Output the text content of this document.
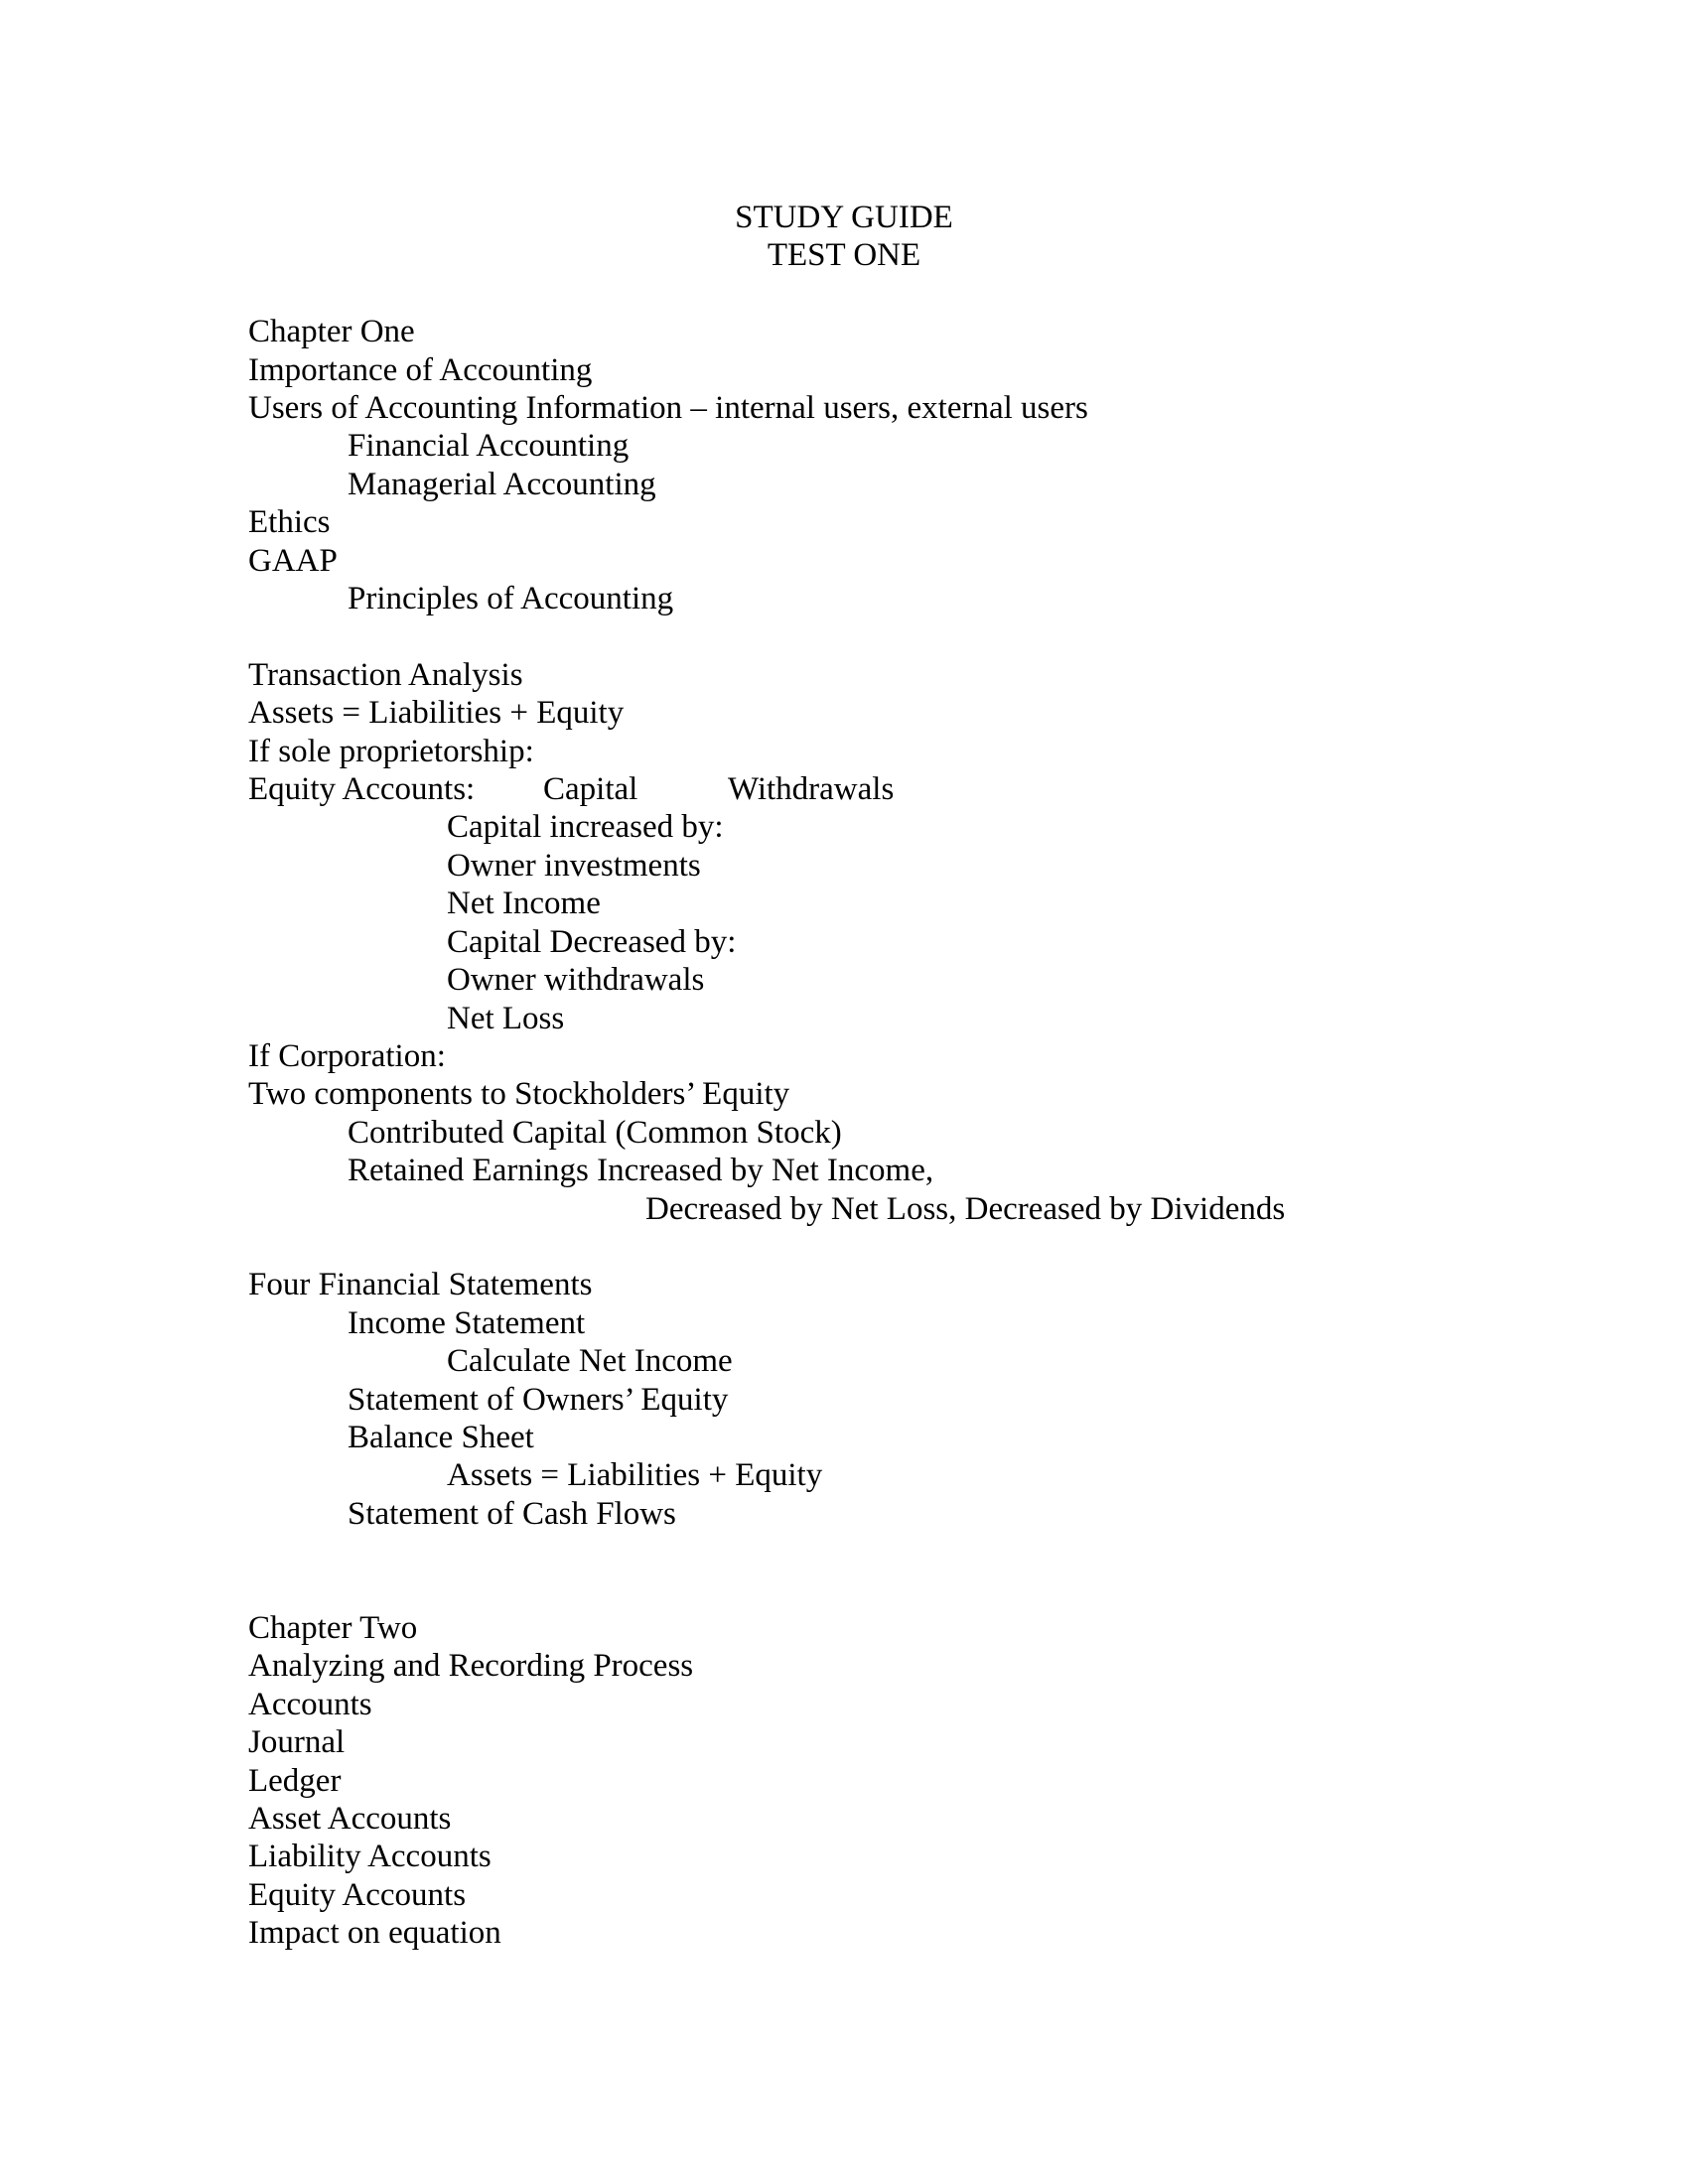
STUDY GUIDE
TEST ONE
Chapter One
Importance of Accounting
Users of Accounting Information – internal users, external users
Financial Accounting
Managerial Accounting
Ethics
GAAP
Principles of Accounting
Transaction Analysis
Assets = Liabilities + Equity
If sole proprietorship:
Equity Accounts: Capital	Withdrawals
Capital increased by:
Owner investments
Net Income
Capital Decreased by:
Owner withdrawals
Net Loss
If Corporation:
Two components to Stockholders’ Equity
Contributed Capital (Common Stock)
Retained Earnings Increased by Net Income,
Decreased by Net Loss, Decreased by Dividends
Four Financial Statements
Income Statement
Calculate Net Income
Statement of Owners’ Equity
Balance Sheet
Assets = Liabilities + Equity
Statement of Cash Flows
Chapter Two
Analyzing and Recording Process
Accounts
Journal
Ledger
Asset Accounts
Liability Accounts
Equity Accounts
Impact on equation
